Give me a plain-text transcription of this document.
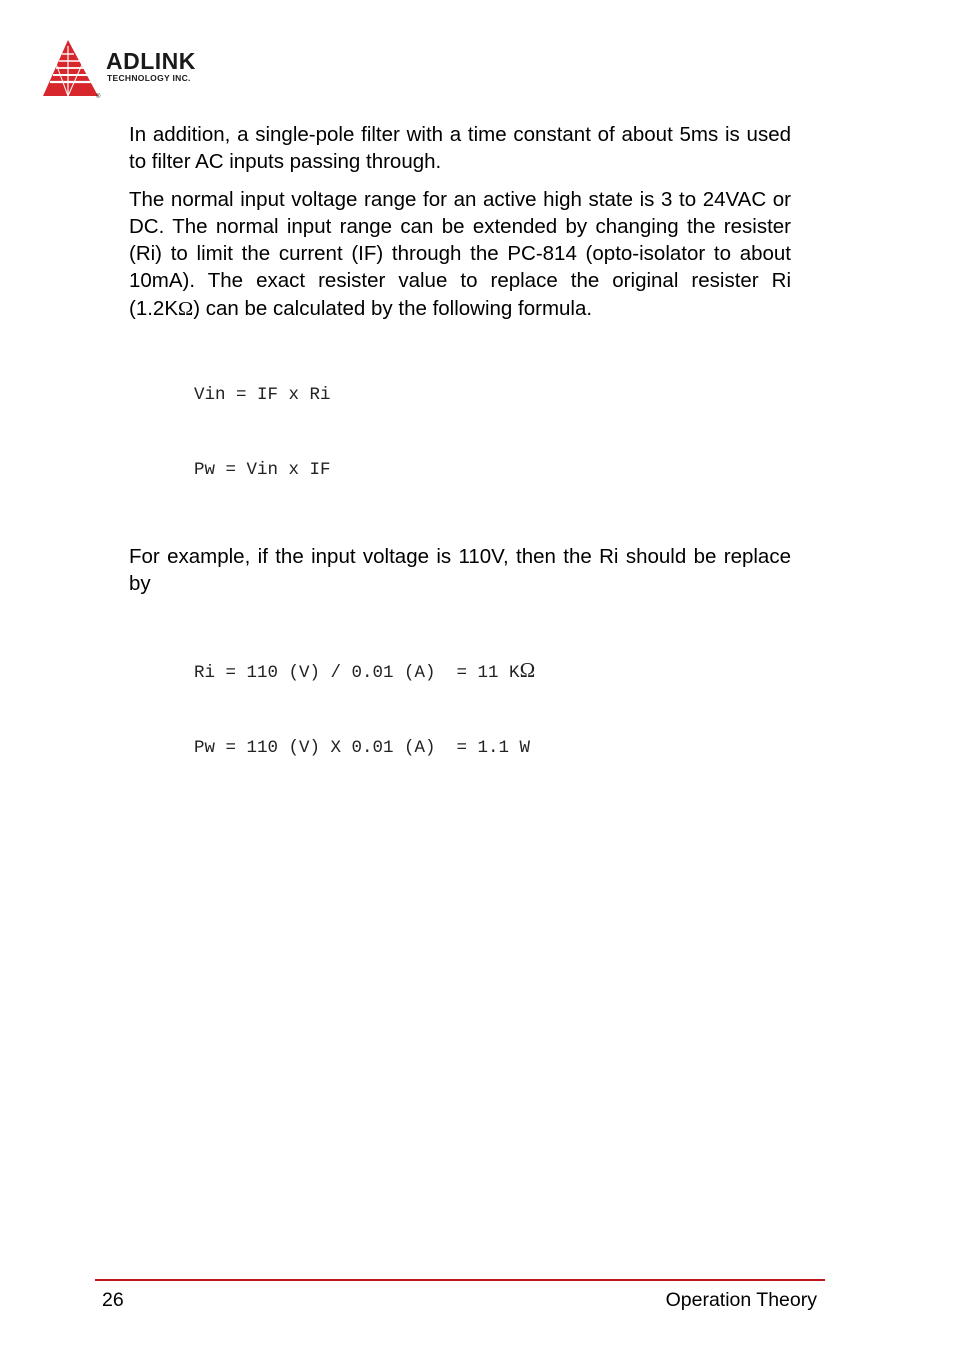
®
ADLINK
TECHNOLOGY INC.

In addition, a single-pole filter with a time constant of about 5ms is used to filter AC inputs passing through.

The normal input voltage range for an active high state is 3 to 24VAC or DC. The normal input range can be extended by changing the resister (Ri) to limit the current (IF) through the PC-814 (opto-isolator to about 10mA). The exact resister value to replace the original resister Ri (1.2KΩ) can be calculated by the following formula.

Vin = IF x Ri

Pw = Vin x IF

For example, if the input voltage is 110V, then the Ri should be replace by

Ri = 110 (V) / 0.01 (A)  = 11 KΩ

Pw = 110 (V) X 0.01 (A)  = 1.1 W

26	Operation Theory
